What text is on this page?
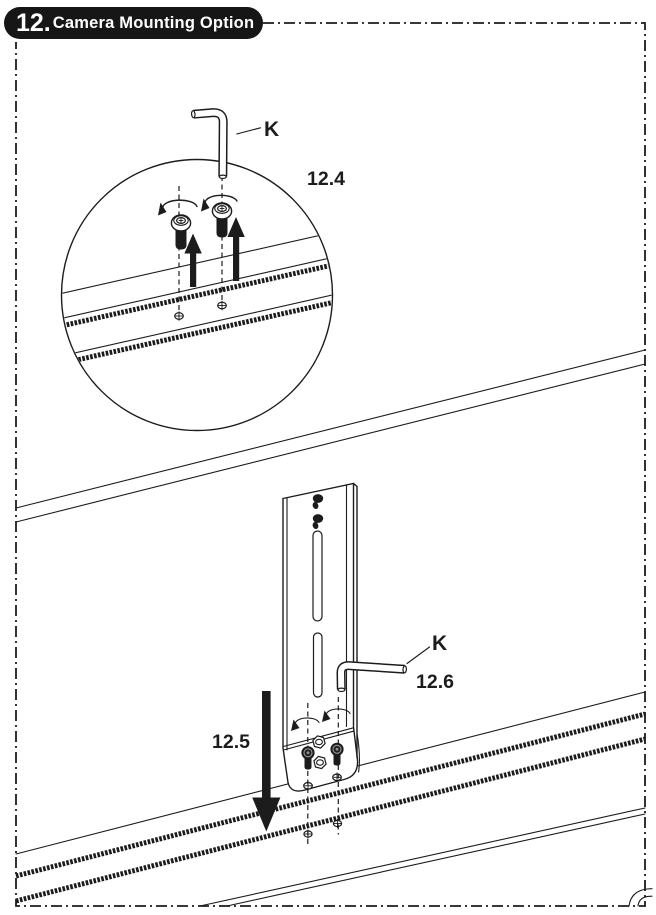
12.5
K
12.6
K
12.4
12. Camera Mounting Option
